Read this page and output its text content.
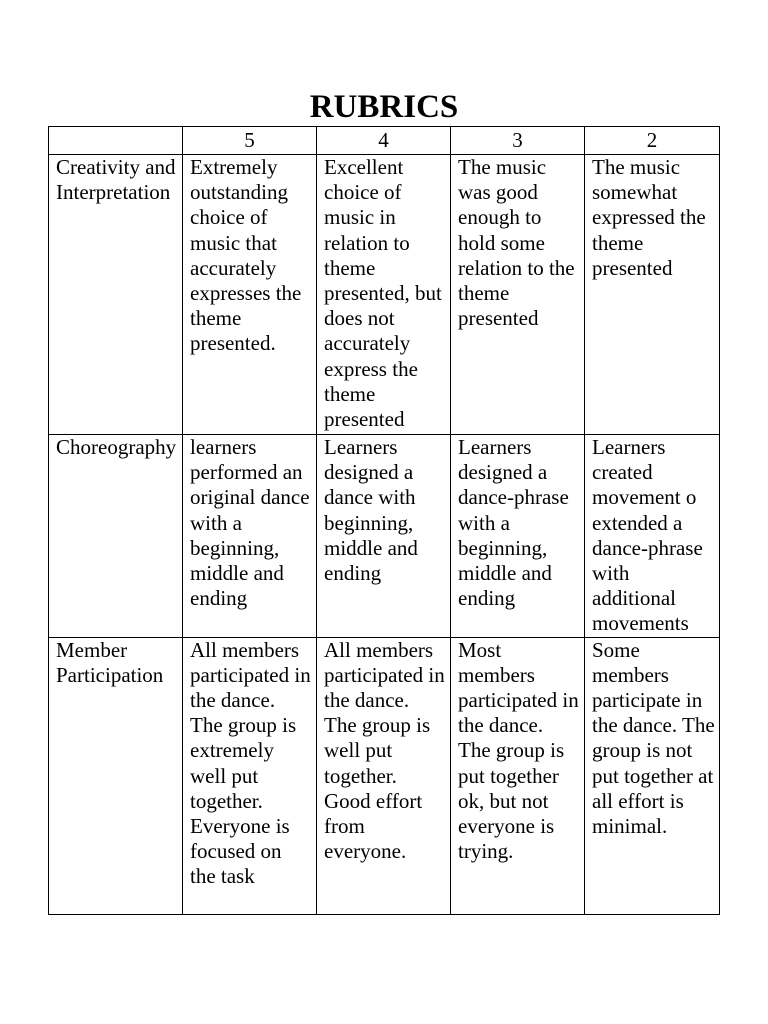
RUBRICS
	5	4	3	2
Creativity and Interpretation	Extremely outstanding choice of music that accurately expresses the theme presented.	Excellent choice of music in relation to theme presented, but does not accurately express the theme presented	The music was good enough to hold some relation to the theme presented	The music somewhat expressed the theme presented
Choreography	learners performed an original dance with a beginning, middle and ending	Learners designed a dance with beginning, middle and ending	Learners designed a dance-phrase with a beginning, middle and ending	Learners created movement o extended a dance-phrase with additional movements
Member Participation	All members participated in the dance. The group is extremely well put together. Everyone is focused on the task	All members participated in the dance. The group is well put together. Good effort from everyone.	Most members participated in the dance. The group is put together ok, but not everyone is trying.	Some members participate in the dance. The group is not put together at all effort is minimal.
